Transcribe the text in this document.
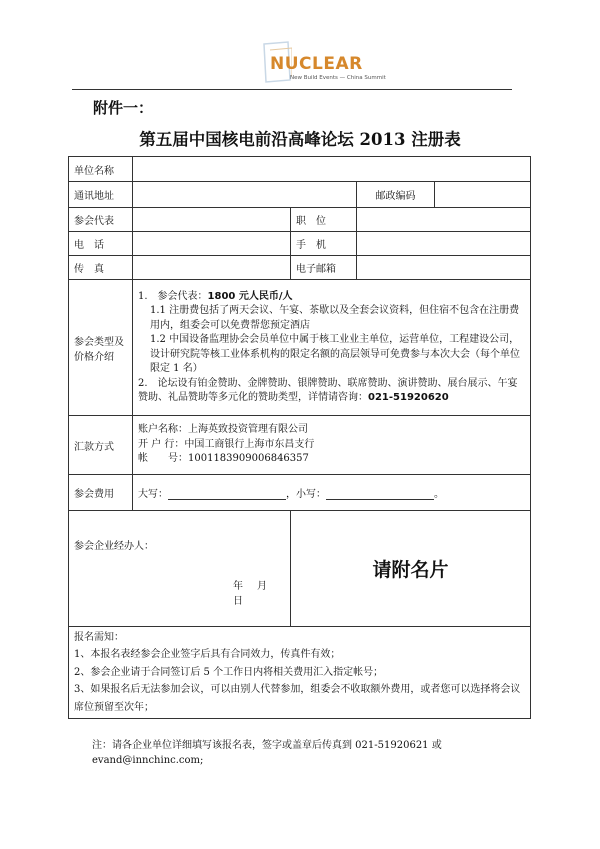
NUCLEAR
New Build Events — China Summit
附件一：
第五届中国核电前沿高峰论坛 2013 注册表
单位名称				
通讯地址			邮政编码	
参会代表		职　位		
电　话		手　机		
传　真		电子邮箱		
参会类型及价格介绍	1.　参会代表：1800 元人民币/人

1.1 注册费包括了两天会议、午宴、茶歇以及全套会议资料，但住宿不包含在注册费用内，组委会可以免费帮您预定酒店

1.2 中国设备监理协会会员单位中属于核工业业主单位，运营单位，工程建设公司，设计研究院等核工业体系机构的限定名额的高层领导可免费参与本次大会（每个单位限定 1 名）

2.　论坛设有铂金赞助、金牌赞助、银牌赞助、联席赞助、演讲赞助、展台展示、午宴赞助、礼品赞助等多元化的赞助类型，详情请咨询：021-51920620			

汇款方式	账户名称：上海英致投资管理有限公司

开 户 行：中国工商银行上海市东昌支行

帐　　号：1001183909006846357			

参会费用	大写： ，小写： 。			

参会企业经办人：
年　月　日		请附名片		

报名需知：

1、本报名表经参会企业签字后具有合同效力，传真件有效；

2、参会企业请于合同签订后 5 个工作日内将相关费用汇入指定帐号；

3、如果报名后无法参加会议，可以由别人代替参加，组委会不收取额外费用，或者您可以选择将会议席位预留至次年；				

注：请各企业单位详细填写该报名表，签字或盖章后传真到 021-51920621 或 evand@innchinc.com;
